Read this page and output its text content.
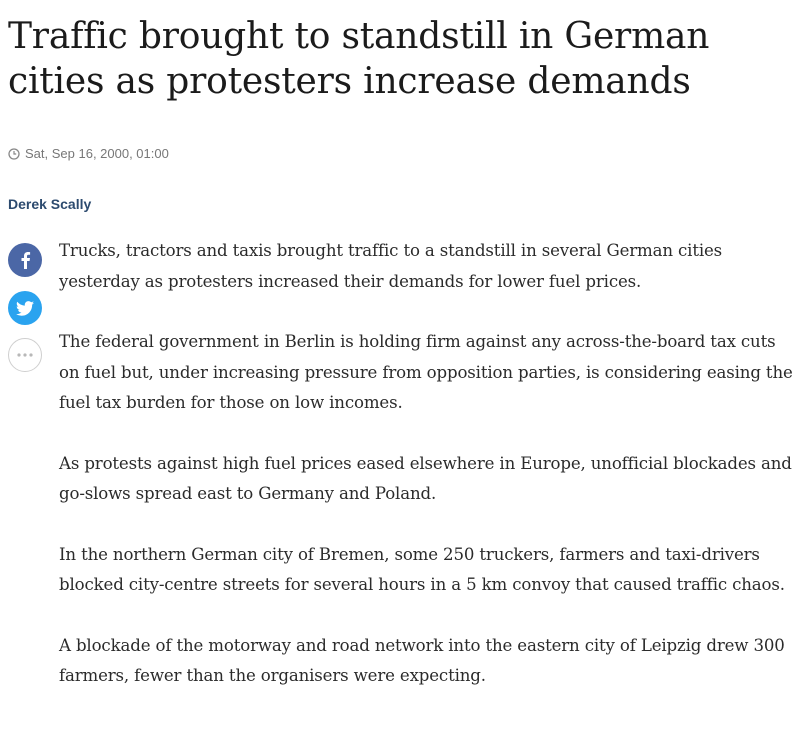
Traffic brought to standstill in German cities as protesters increase demands
Sat, Sep 16, 2000, 01:00
Derek Scally

Trucks, tractors and taxis brought traffic to a standstill in several German cities yesterday as protesters increased their demands for lower fuel prices.

The federal government in Berlin is holding firm against any across-the-board tax cuts on fuel but, under increasing pressure from opposition parties, is considering easing the fuel tax burden for those on low incomes.

As protests against high fuel prices eased elsewhere in Europe, unofficial blockades and go-slows spread east to Germany and Poland.

In the northern German city of Bremen, some 250 truckers, farmers and taxi-drivers blocked city-centre streets for several hours in a 5 km convoy that caused traffic chaos.

A blockade of the motorway and road network into the eastern city of Leipzig drew 300 farmers, fewer than the organisers were expecting.
